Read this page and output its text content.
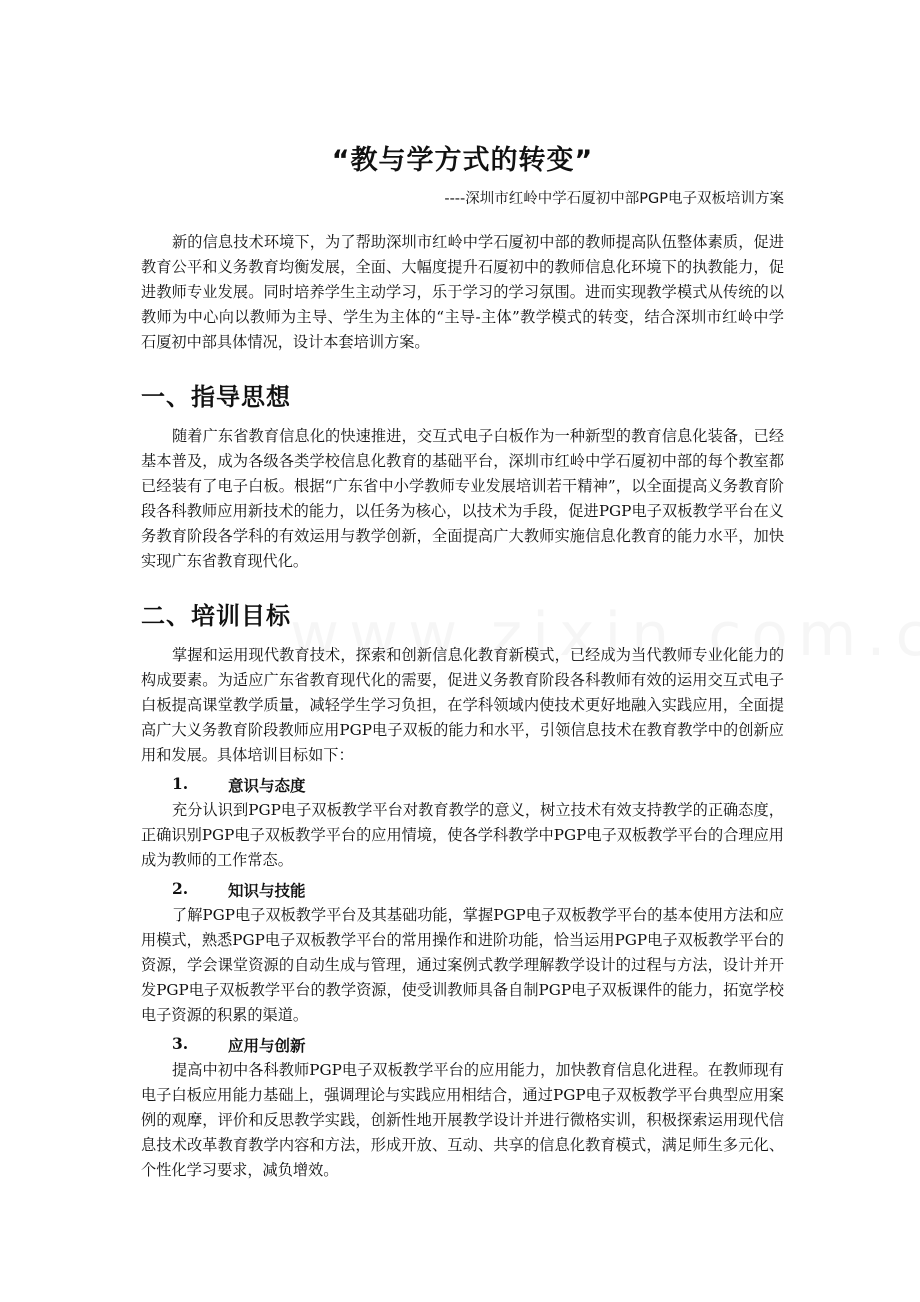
“教与学方式的转变”
----深圳市红岭中学石厦初中部PGP电子双板培训方案

新的信息技术环境下，为了帮助深圳市红岭中学石厦初中部的教师提高队伍整体素质，促进教育公平和义务教育均衡发展，全面、大幅度提升石厦初中的教师信息化环境下的执教能力，促进教师专业发展。同时培养学生主动学习，乐于学习的学习氛围。进而实现教学模式从传统的以教师为中心向以教师为主导、学生为主体的“主导-主体”教学模式的转变，结合深圳市红岭中学石厦初中部具体情况，设计本套培训方案。

一、指导思想

随着广东省教育信息化的快速推进，交互式电子白板作为一种新型的教育信息化装备，已经基本普及，成为各级各类学校信息化教育的基础平台，深圳市红岭中学石厦初中部的每个教室都已经装有了电子白板。根据“广东省中小学教师专业发展培训若干精神”，以全面提高义务教育阶段各科教师应用新技术的能力，以任务为核心，以技术为手段，促进PGP电子双板教学平台在义务教育阶段各学科的有效运用与教学创新，全面提高广大教师实施信息化教育的能力水平，加快实现广东省教育现代化。

二、培训目标

掌握和运用现代教育技术，探索和创新信息化教育新模式，已经成为当代教师专业化能力的构成要素。为适应广东省教育现代化的需要，促进义务教育阶段各科教师有效的运用交互式电子白板提高课堂教学质量，减轻学生学习负担，在学科领域内使技术更好地融入实践应用，全面提高广大义务教育阶段教师应用PGP电子双板的能力和水平，引领信息技术在教育教学中的创新应用和发展。具体培训目标如下：

1.	意识与态度

充分认识到PGP电子双板教学平台对教育教学的意义，树立技术有效支持教学的正确态度，正确识别PGP电子双板教学平台的应用情境，使各学科教学中PGP电子双板教学平台的合理应用成为教师的工作常态。

2.	知识与技能

了解PGP电子双板教学平台及其基础功能，掌握PGP电子双板教学平台的基本使用方法和应用模式，熟悉PGP电子双板教学平台的常用操作和进阶功能，恰当运用PGP电子双板教学平台的资源，学会课堂资源的自动生成与管理，通过案例式教学理解教学设计的过程与方法，设计并开发PGP电子双板教学平台的教学资源，使受训教师具备自制PGP电子双板课件的能力，拓宽学校电子资源的积累的渠道。

3.	应用与创新

提高中初中各科教师PGP电子双板教学平台的应用能力，加快教育信息化进程。在教师现有电子白板应用能力基础上，强调理论与实践应用相结合，通过PGP电子双板教学平台典型应用案例的观摩，评价和反思教学实践，创新性地开展教学设计并进行微格实训，积极探索运用现代信息技术改革教育教学内容和方法，形成开放、互动、共享的信息化教育模式，满足师生多元化、个性化学习要求，减负增效。
